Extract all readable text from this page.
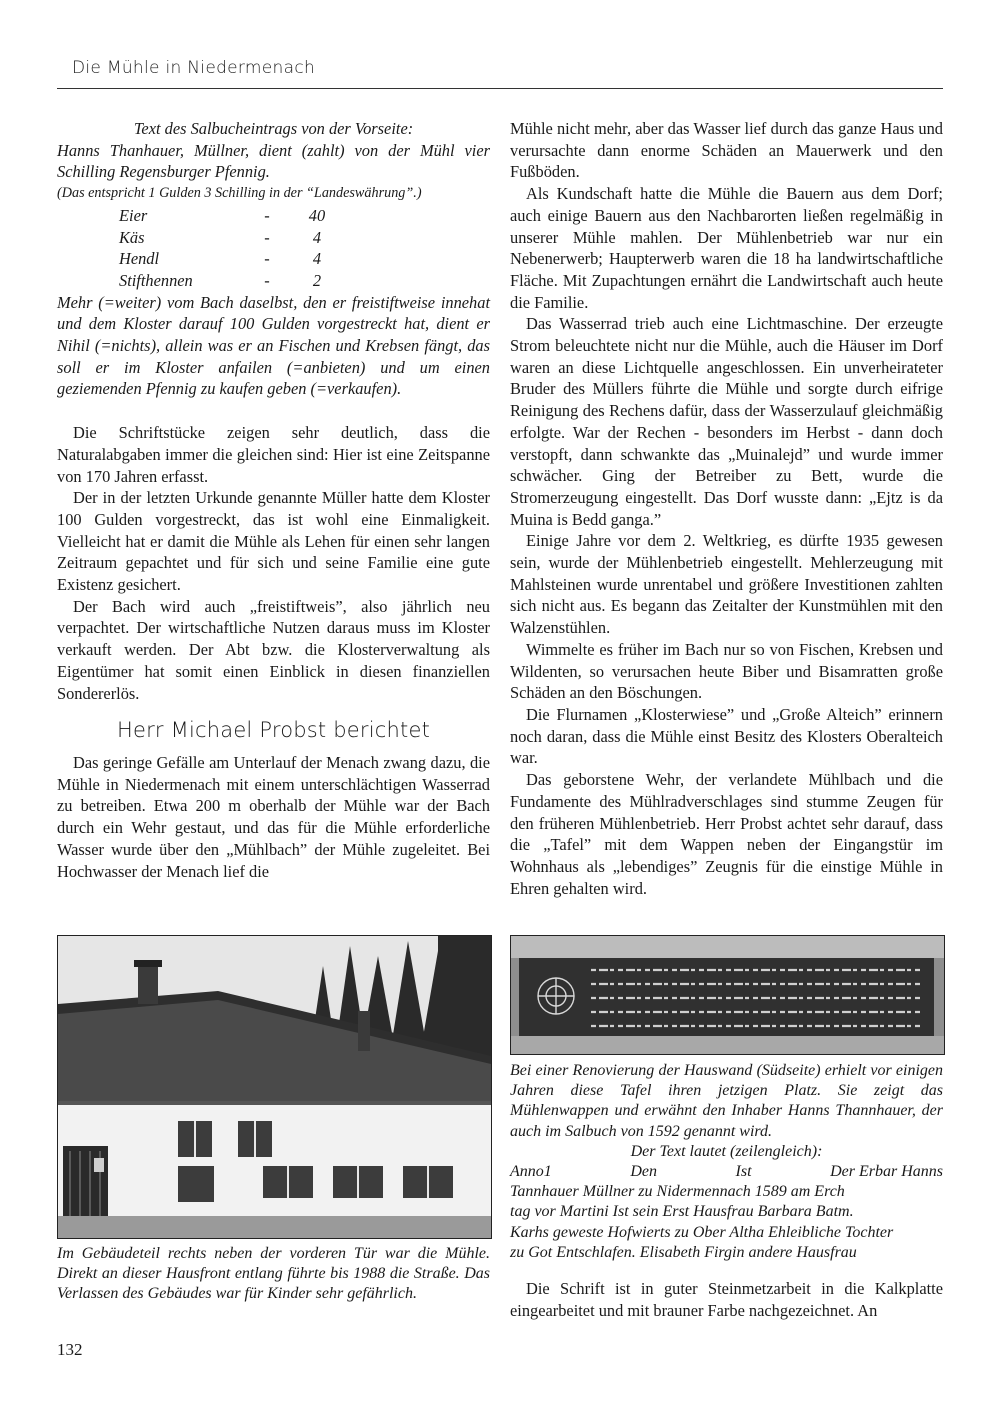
Die Mühle in Niedermenach

Text des Salbucheintrags von der Vorseite:

Hanns Thanhauer, Müllner, dient (zahlt) von der Mühl vier Schilling Regensburger Pfennig.

(Das entspricht 1 Gulden 3 Schilling in der “Landeswährung”.)

Eier	-	40
Käs	-	4
Hendl	-	4
Stifthennen	-	2

Mehr (=weiter) vom Bach daselbst, den er freistiftweise innehat und dem Kloster darauf 100 Gulden vorgestreckt hat, dient er Nihil (=nichts), allein was er an Fischen und Krebsen fängt, das soll er im Kloster anfailen (=anbieten) und um einen geziemenden Pfennig zu kaufen geben (=verkaufen).

Die Schriftstücke zeigen sehr deutlich, dass die Naturalabgaben immer die gleichen sind: Hier ist eine Zeitspanne von 170 Jahren erfasst.

Der in der letzten Urkunde genannte Müller hatte dem Kloster 100 Gulden vorgestreckt, das ist wohl eine Einmaligkeit. Vielleicht hat er damit die Mühle als Lehen für einen sehr langen Zeitraum gepachtet und für sich und seine Familie eine gute Existenz gesichert.

Der Bach wird auch „freistiftweis”, also jährlich neu verpachtet. Der wirtschaftliche Nutzen daraus muss im Kloster verkauft werden. Der Abt bzw. die Klosterverwaltung als Eigentümer hat somit einen Einblick in diesen finanziellen Sondererlös.

Herr Michael Probst berichtet

Das geringe Gefälle am Unterlauf der Menach zwang dazu, die Mühle in Niedermenach mit einem unterschlächtigen Wasserrad zu betreiben. Etwa 200 m oberhalb der Mühle war der Bach durch ein Wehr gestaut, und das für die Mühle erforderliche Wasser wurde über den „Mühlbach” der Mühle zugeleitet. Bei Hochwasser der Menach lief die

Mühle nicht mehr, aber das Wasser lief durch das ganze Haus und verursachte dann enorme Schäden an Mauerwerk und den Fußböden.

Als Kundschaft hatte die Mühle die Bauern aus dem Dorf; auch einige Bauern aus den Nachbarorten ließen regelmäßig in unserer Mühle mahlen. Der Mühlenbetrieb war nur ein Nebenerwerb; Haupterwerb waren die 18 ha landwirtschaftliche Fläche. Mit Zupachtungen ernährt die Landwirtschaft auch heute die Familie.

Das Wasserrad trieb auch eine Lichtmaschine. Der erzeugte Strom beleuchtete nicht nur die Mühle, auch die Häuser im Dorf waren an diese Lichtquelle angeschlossen. Ein unverheirateter Bruder des Müllers führte die Mühle und sorgte durch eifrige Reinigung des Rechens dafür, dass der Wasserzulauf gleichmäßig erfolgte. War der Rechen - besonders im Herbst - dann doch verstopft, dann schwankte das „Muinalejd” und wurde immer schwächer. Ging der Betreiber zu Bett, wurde die Stromerzeugung eingestellt. Das Dorf wusste dann: „Ejtz is da Muina is Bedd ganga.”

Einige Jahre vor dem 2. Weltkrieg, es dürfte 1935 gewesen sein, wurde der Mühlenbetrieb eingestellt. Mehlerzeugung mit Mahlsteinen wurde unrentabel und größere Investitionen zahlten sich nicht aus. Es begann das Zeitalter der Kunstmühlen mit den Walzenstühlen.

Wimmelte es früher im Bach nur so von Fischen, Krebsen und Wildenten, so verursachen heute Biber und Bisamratten große Schäden an den Böschungen.

Die Flurnamen „Klosterwiese” und „Große Alteich” erinnern noch daran, dass die Mühle einst Besitz des Klosters Oberalteich war.

Das geborstene Wehr, der verlandete Mühlbach und die Fundamente des Mühlradverschlages sind stumme Zeugen für den früheren Mühlenbetrieb. Herr Probst achtet sehr darauf, dass die „Tafel” mit dem Wappen neben der Eingangstür im Wohnhaus als „lebendiges” Zeugnis für die einstige Mühle in Ehren gehalten wird.

Im Gebäudeteil rechts neben der vorderen Tür war die Mühle. Direkt an dieser Hausfront entlang führte bis 1988 die Straße. Das Verlassen des Gebäudes war für Kinder sehr gefährlich.

Bei einer Renovierung der Hauswand (Südseite) erhielt vor einigen Jahren diese Tafel ihren jetzigen Platz. Sie zeigt das Mühlenwappen und erwähnt den Inhaber Hanns Thannhauer, der auch im Salbuch von 1592 genannt wird.

Der Text lautet (zeilengleich):

Anno1	Den	Ist	Der Erbar Hanns

Tannhauer Müllner zu Nidermennach 1589 am Erch

tag vor Martini Ist sein Erst Hausfrau Barbara Batm.

Karhs geweste Hofwierts zu Ober Altha Ehleibliche Tochter

zu Got Entschlafen. Elisabeth Firgin andere Hausfrau

Die Schrift ist in guter Steinmetzarbeit in die Kalkplatte eingearbeitet und mit brauner Farbe nachgezeichnet. An

132
